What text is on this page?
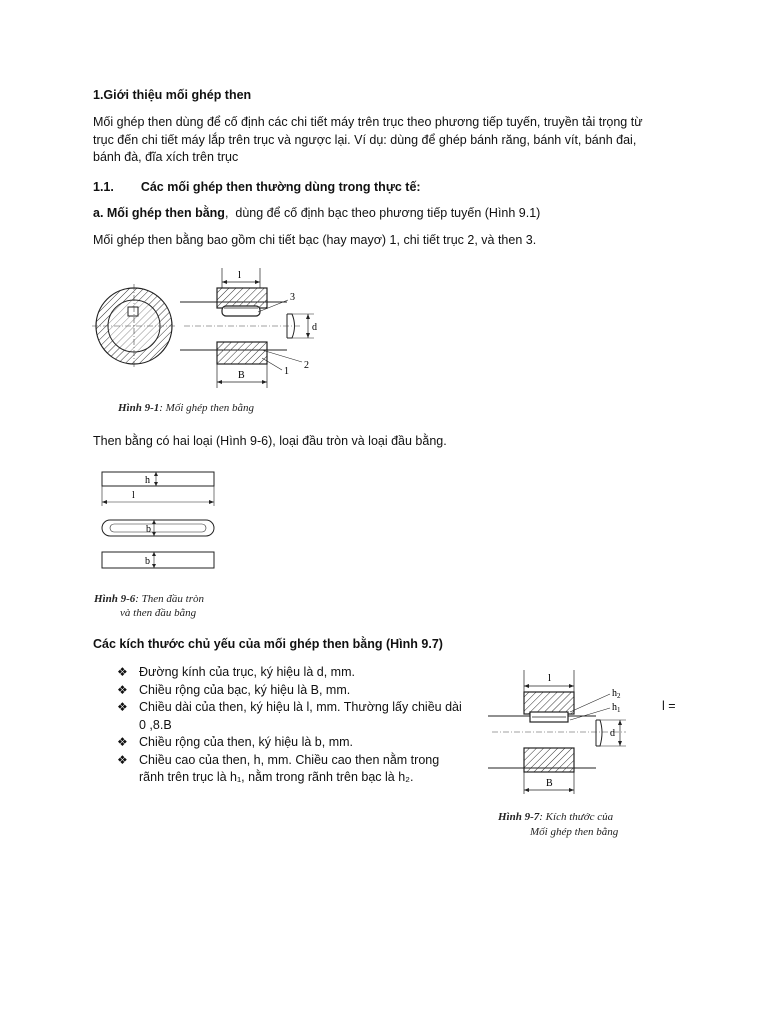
1.Giới thiệu mối ghép then
Mối ghép then dùng để cố định các chi tiết máy trên trục theo phương tiếp tuyến, truyền tải trọng từ
trục đến chi tiết máy lắp trên trục và ngược lại. Ví dụ: dùng để ghép bánh răng, bánh vít, bánh đai,
bánh đà, đĩa xích trên trục
1.1. Các mối ghép then thường dùng trong thực tế:
a. Mối ghép then bằng,  dùng để cố định bạc theo phương tiếp tuyến (Hình 9.1)
Mối ghép then bằng bao gồm chi tiết bạc (hay mayơ) 1, chi tiết trục 2, và then 3.
l
3
d
2
1
B
Hình 9-1: Mối ghép then bằng
Then bằng có hai loại (Hình 9-6), loại đầu tròn và loại đầu bằng.
h
l
b
b
Hình 9-6: Then đầu tròn
và then đầu bằng
Các kích thước chủ yếu của mối ghép then bằng (Hình 9.7)
❖ Đường kính của trục, ký hiệu là d, mm.
❖ Chiều rộng của bạc, ký hiệu là B, mm.
❖ Chiều dài của then, ký hiệu là l, mm. Thường lấy chiều dài
0 ,8.B
❖ Chiều rộng của then, ký hiệu là b, mm.
❖ Chiều cao của then, h, mm. Chiều cao then nằm trong
rãnh trên trục là h₁, nằm trong rãnh trên bạc là h₂.
l =
l
$h_2$
$h_1$
d
B
Hình 9-7: Kích thước của
Mối ghép then bằng
